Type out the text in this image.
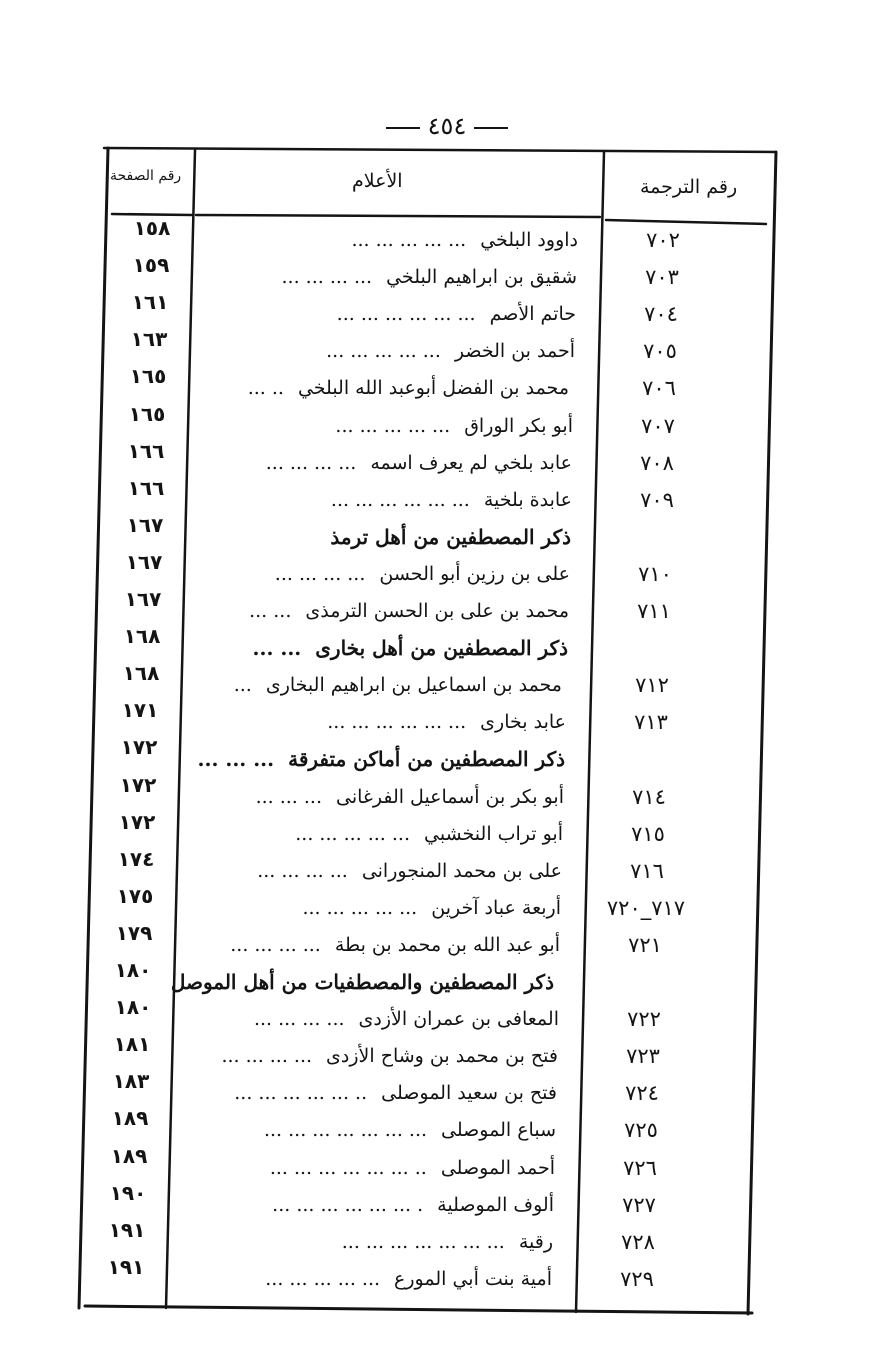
٤٥٤
رقم الصفحة	الأعلام	رقم الترجمة
١٥٨	داوود البلخي... ... ... ... ...	٧٠٢
١٥٩	شقيق بن ابراهيم البلخي... ... ... ...	٧٠٣
١٦١	حاتم الأصم... ... ... ... ... ...	٧٠٤
١٦٣	أحمد بن الخضر... ... ... ... ...	٧٠٥
١٦٥	محمد بن الفضل أبوعبد الله البلخي.. ...	٧٠٦
١٦٥	أبو بكر الوراق... ... ... ... ...	٧٠٧
١٦٦	عابد بلخي لم يعرف اسمه... ... ... ...	٧٠٨
١٦٦	عابدة بلخية... ... ... ... ... ...	٧٠٩
١٦٧	ذكر المصطفين من أهل ترمذ
١٦٧	على بن رزين أبو الحسن... ... ... ...	٧١٠
١٦٧	محمد بن على بن الحسن الترمذى... ...	٧١١
١٦٨	ذكر المصطفين من أهل بخارى... ...
١٦٨	محمد بن اسماعيل بن ابراهيم البخارى...	٧١٢
١٧١	عابد بخارى... ... ... ... ... ...	٧١٣
١٧٢	ذكر المصطفين من أماكن متفرقة... ... ...
١٧٢	أبو بكر بن أسماعيل الفرغانى... ... ...	٧١٤
١٧٢	أبو تراب النخشبي... ... ... ... ...	٧١٥
١٧٤	على بن محمد المنجورانى... ... ... ...	٧١٦
١٧٥	أربعة عباد آخرين... ... ... ... ...	٧١٧_٧٢٠
١٧٩	أبو عبد الله بن محمد بن بطة... ... ... ...	٧٢١
١٨٠ ذكر المصطفين والمصطفيات من أهل الموصل
١٨٠	المعافى بن عمران الأزدى... ... ... ...	٧٢٢
١٨١	فتح بن محمد بن وشاح الأزدى... ... ... ...	٧٢٣
١٨٣	فتح بن سعيد الموصلى.. ... ... ... ... ...	٧٢٤
١٨٩	سباع الموصلى... ... ... ... ... ... ...	٧٢٥
١٨٩	أحمد الموصلى.. ... ... ... ... ... ...	٧٢٦
١٩٠	ألوف الموصلية. ... ... ... ... ... ...	٧٢٧
١٩١	رقية... ... ... ... ... ... ...	٧٢٨
١٩١	أمية بنت أبي المورع... ... ... ... ...	٧٢٩
